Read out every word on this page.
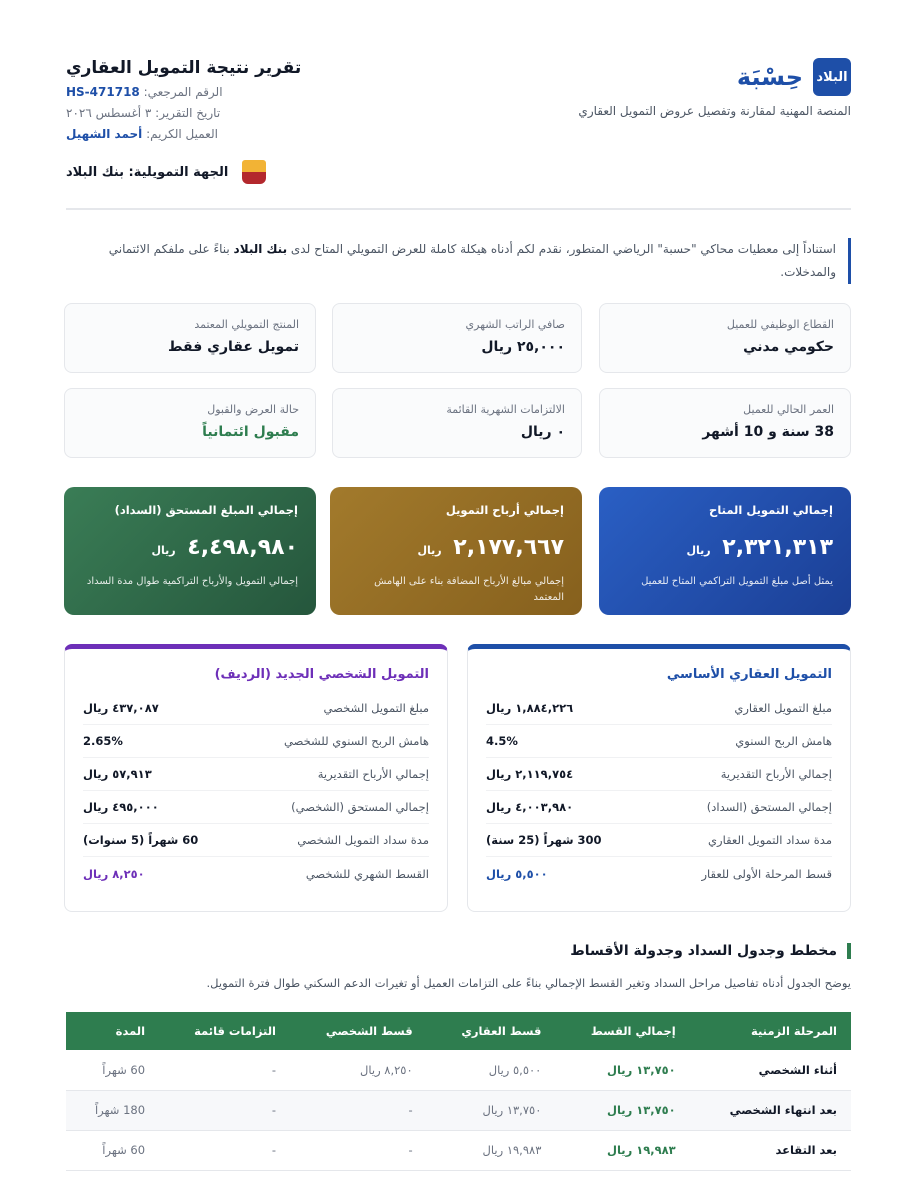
البلاد
حِسْبَة
المنصة المهنية لمقارنة وتفصيل عروض التمويل العقاري
تقرير نتيجة التمويل العقاري
الرقم المرجعي: HS-471718
تاريخ التقرير: ٣ أغسطس ٢٠٢٦
العميل الكريم: أحمد الشهيل
الجهة التمويلية: بنك البلاد
استناداً إلى معطيات محاكي "حسبة" الرياضي المتطور، نقدم لكم أدناه هيكلة كاملة للعرض التمويلي المتاح لدى بنك البلاد بناءً على ملفكم الائتماني والمدخلات.
القطاع الوظيفي للعميل
حكومي مدني
صافي الراتب الشهري
٢٥,٠٠٠ ريال
المنتج التمويلي المعتمد
تمويل عقاري فقط
العمر الحالي للعميل
38 سنة و 10 أشهر
الالتزامات الشهرية القائمة
٠ ريال
حالة العرض والقبول
مقبول ائتمانياً
إجمالي التمويل المتاح
٢,٣٢١,٣١٣ ريال
يمثل أصل مبلغ التمويل التراكمي المتاح للعميل
إجمالي أرباح التمويل
٢,١٧٧,٦٦٧ ريال
إجمالي مبالغ الأرباح المضافة بناء على الهامش المعتمد
إجمالي المبلغ المستحق (السداد)
٤,٤٩٨,٩٨٠ ريال
إجمالي التمويل والأرباح التراكمية طوال مدة السداد
التمويل العقاري الأساسي
مبلغ التمويل العقاري
١,٨٨٤,٢٢٦ ريال
هامش الربح السنوي
4.5%
إجمالي الأرباح التقديرية
٢,١١٩,٧٥٤ ريال
إجمالي المستحق (السداد)
٤,٠٠٣,٩٨٠ ريال
مدة سداد التمويل العقاري
300 شهراً (25 سنة)
قسط المرحلة الأولى للعقار
٥,٥٠٠ ريال
التمويل الشخصي الجديد (الرديف)
مبلغ التمويل الشخصي
٤٣٧,٠٨٧ ريال
هامش الربح السنوي للشخصي
2.65%
إجمالي الأرباح التقديرية
٥٧,٩١٣ ريال
إجمالي المستحق (الشخصي)
٤٩٥,٠٠٠ ريال
مدة سداد التمويل الشخصي
60 شهراً (5 سنوات)
القسط الشهري للشخصي
٨,٢٥٠ ريال
مخطط وجدول السداد وجدولة الأقساط
يوضح الجدول أدناه تفاصيل مراحل السداد وتغير القسط الإجمالي بناءً على التزامات العميل أو تغيرات الدعم السكني طوال فترة التمويل.
المرحلة الزمنية	إجمالي القسط	قسط العقاري	قسط الشخصي	التزامات قائمة	المدة
أثناء الشخصي	١٣,٧٥٠ ريال	٥,٥٠٠ ريال	٨,٢٥٠ ريال	-	60 شهراً
بعد انتهاء الشخصي	١٣,٧٥٠ ريال	١٣,٧٥٠ ريال	-	-	180 شهراً
بعد التقاعد	١٩,٩٨٣ ريال	١٩,٩٨٣ ريال	-	-	60 شهراً
